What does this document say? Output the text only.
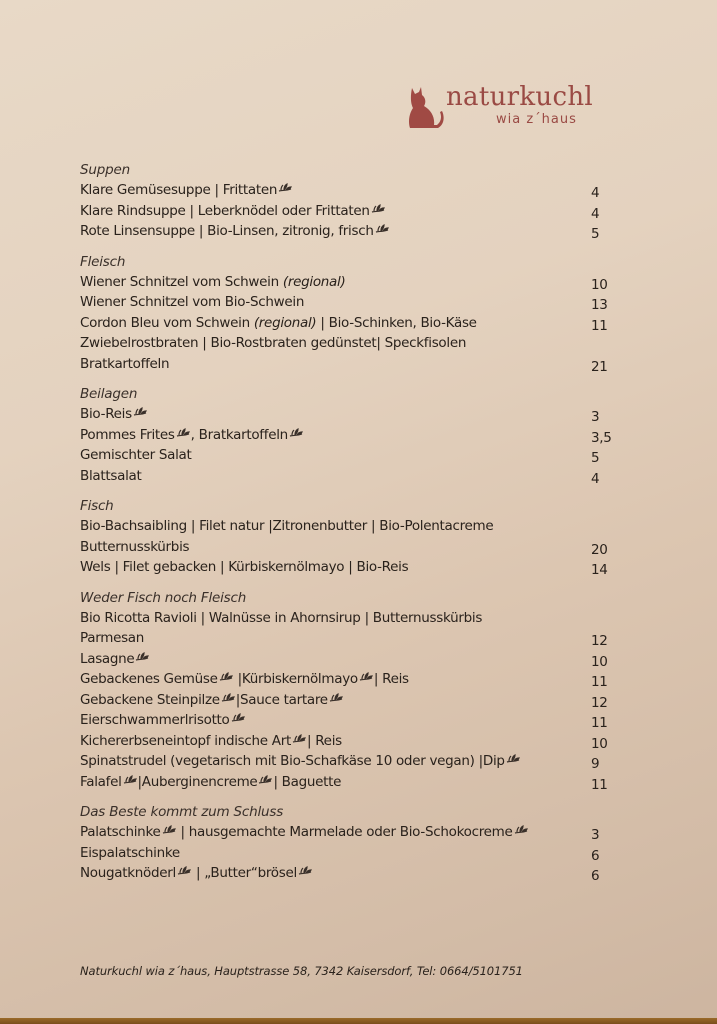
naturkuchl
wia z´haus
Suppen
Klare Gemüsesuppe | Frittaten	4
Klare Rindsuppe | Leberknödel oder Frittaten	4
Rote Linsensuppe | Bio-Linsen, zitronig, frisch	5
Fleisch
Wiener Schnitzel vom Schwein (regional)	10
Wiener Schnitzel vom Bio-Schwein	13
Cordon Bleu vom Schwein (regional) | Bio-Schinken, Bio-Käse	11
Zwiebelrostbraten | Bio-Rostbraten gedünstet| Speckfisolen
Bratkartoffeln	21
Beilagen
Bio-Reis	3
Pommes Frites , Bratkartoffeln	3,5
Gemischter Salat	5
Blattsalat	4
Fisch
Bio-Bachsaibling | Filet natur |Zitronenbutter | Bio-Polentacreme
Butternusskürbis	20
Wels | Filet gebacken | Kürbiskernölmayo | Bio-Reis	14
Weder Fisch noch Fleisch
Bio Ricotta Ravioli | Walnüsse in Ahornsirup | Butternusskürbis
Parmesan	12
Lasagne	10
Gebackenes Gemüse |Kürbiskernölmayo | Reis	11
Gebackene Steinpilze |Sauce tartare	12
Eierschwammerlrisotto	11
Kichererbseneintopf indische Art | Reis	10
Spinatstrudel (vegetarisch mit Bio-Schafkäse 10 oder vegan) |Dip	9
Falafel |Auberginencreme | Baguette	11
Das Beste kommt zum Schluss
Palatschinke | hausgemachte Marmelade oder Bio-Schokocreme	3
Eispalatschinke	6
Nougatknöderl | „Butter“brösel	6
Naturkuchl wia z´haus, Hauptstrasse 58, 7342 Kaisersdorf, Tel: 0664/5101751
